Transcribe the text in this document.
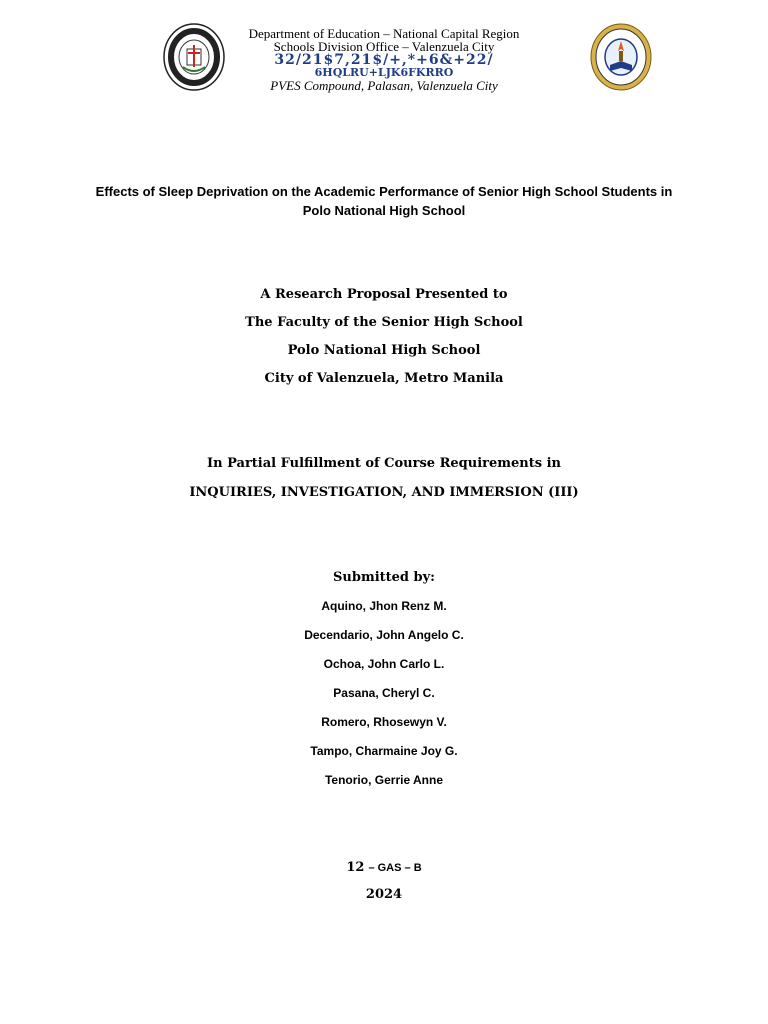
Department of Education – National Capital Region
Schools Division Office – Valenzuela City
32/21$7,21$/+,*+6&+22/
6HQLRU+LJK6FKRRO
PVES Compound, Palasan, Valenzuela City
Effects of Sleep Deprivation on the Academic Performance of Senior High School Students in
Polo National High School
A Research Proposal Presented to
The Faculty of the Senior High School
Polo National High School
City of Valenzuela, Metro Manila
In Partial Fulfillment of Course Requirements in
INQUIRIES, INVESTIGATION, AND IMMERSION (III)
Submitted by:
Aquino, Jhon Renz M.
Decendario, John Angelo C.
Ochoa, John Carlo L.
Pasana, Cheryl C.
Romero, Rhosewyn V.
Tampo, Charmaine Joy G.
Tenorio, Gerrie Anne
12 – GAS – B
2024
